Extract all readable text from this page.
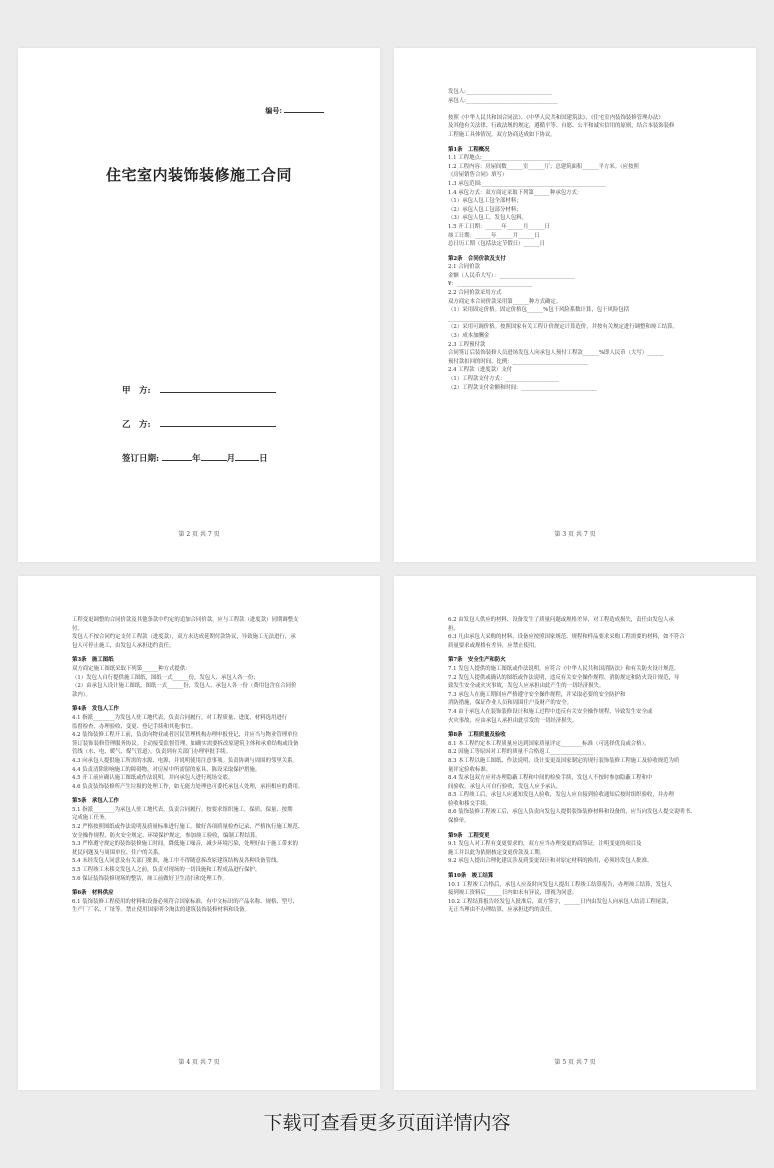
编号:
住宅室内装饰装修施工合同
甲　方:
乙　方:
签订日期:	年	月	日
第 2 页 共 7 页

发包人:________________________________

承包人:__________________________________

按照《中华人民共和国合同法》、《中华人民共和国建筑法》、《住宅室内装饰装修管理办法》

及其他有关法律、行政法规的规定，遵循平等、自愿、公平和诚实信用的原则，结合本装饰装修

工程施工具体情况，双方协商达成如下协议。

第1条　工程概况

1.1 工程地点:______________________________

1.2 工程内容：房屋间数______室______厅；总建筑面积______平方米。（应按照

《房屋销售合同》填写）

1.3 承包范围:______________________________________________

1.4 承包方式：双方商定采取下列第______种承包方式：

（1）承包人包工包全部材料；

（2）承包人包工包部分材料；

（3）承包人包工，发包人包料。

1.5 开工日期：______年______月______日

竣工日期：______年______月______日

总日历工期（包括法定节假日）______日

第2条　合同价款及支付

2.1 合同价款

金额（人民币大写）：____________________________

¥：____________________________

2.2 合同价款采用方式

双方商定本合同价款采用第______种方式确定。

（1）采用固定价格。固定价格包______%包干风险系数计算，包干风险包括

__________________________________________________

（2）采用可调价格。按照国家有关工程计价规定计算造价，并按有关规定进行调整和竣工结算。

（3）成本加酬金

2.3 工程预付款

合同签订后装饰装修人员进场发包人向承包人预付工程款______%即人民币（大写）______

预付款扣回的时间、比例：____________________________

2.4 工程款（进度款）支付

（1）工程款支付方式：____________________

（2）工程款支付金额和时间：____________________________

第 3 页 共 7 页

工程变更调整的合同价款及其他条款中约定的追加合同价款，应与工程款（进度款）同期调整支

付。

发包人不按合同约定支付工程款（进度款），双方未达成延期付款协议，导致施工无法进行，承

包人可停止施工，由发包人承担违约责任。

第3条　施工图纸

双方商定施工图纸采取下列第______种方式提供：

（1）发包人自行提供施工图纸，图纸一式______份，发包人、承包人各一份；

（2）由承包人设计施工图纸，图纸一式______份，发包人、承包人各一份（费用包含在合同价

款内）。

第4条　发包人工作

4.1 指派________为发包人驻工地代表，负责合同履行。对工程质量、进度、材料选用进行

监督检查，办理验收、变更、登记手续和其他事宜。

4.2 装饰装修工程开工前，负责向物业或者居民管理机构办理申报登记，并应当与物业管理单位

签订装饰装修管理服务协议。主动接受监督管理。如确实需要拆改原建筑主体和承重结构或设备

管线（水、电、暖气、煤气管道），负责到有关部门办理审批手续。

4.3 向承包人提供施工所需的水源、电源，并说明使用注意事项。负责协调与周围的邻里关系。

4.4 负责清除影响施工的障碍物，对房屋中所需留的家具、陈设采取保护措施。

4.5 开工前应确认施工图纸或作法说明，并向承包人进行现场交底。

4.6 负责装饰装修所产生垃圾的处理工作，如无能力处理也可委托承包人处理，承担相应的费用。

第5条　承包人工作

5.1 指派________为承包人驻工地代表，负责合同履行。按要求组织施工，保质、保量、按期

完成施工任务。

5.2 严格按照图纸或作法说明及质量标准进行施工，做好各项质量检查记录，严格执行施工规范、

安全操作规程、防火安全规定、环境保护规定，参加竣工验收，编制工程结算。

5.3 严格遵守规定的装饰装修施工时间，降低施工噪音，减少环境污染，处理好由于施工带来的

扰民问题及与周围单位、住户的关系。

5.4 未经发包人同意及有关部门批准，施工中不得随意拆改原建筑结构及各种设备管线。

5.5 工程竣工未移交发包人之前，负责对现场的一切设施和工程成品进行保护。

5.6 保证装饰装修现场的整洁，竣工前做好卫生清扫和处理工作。

第6条　材料供应

6.1 装饰装修工程使用的材料和设备必须符合国家标准，有中文标识的产品名称、规格、型号、

生产厂厂名、厂址等。禁止使用国家明令淘汰的建筑装饰装修材料和设备。

第 4 页 共 7 页

6.2 由发包人供应的材料、设备发生了质量问题或规格差异，对工程造成损失，责任由发包人承

担。

6.3 凡由承包人采购的材料、设备应按照国家规范、规程和样品要求采购工程需要的材料，如不符合

质量要求或规格有差异，应禁止使用。

第7条　安全生产和防火

7.1 发包人提供的施工图纸或作法说明，应符合《中华人民共和国消防法》和有关防火设计规范。

7.2 发包人提供或确认的图纸或作法说明，违反有关安全操作规程、消防规定和防火设计规范，导

致发生安全或火灾事故，发包人应承担由此产生的一切经济损失。

7.3 承包人在施工期间应严格遵守安全操作规程，并采取必要的安全防护和

消防措施，保证作业人员和周围住户及财产的安全。

7.4 由于承包人在装饰装修设计和施工过程中违反有关安全操作规程、导致发生安全或

火灾事故，应由承包人承担由此引发的一切经济损失。

第8条　工程质量及验收

8.1 本工程约定本工程质量应达到国家质量评定________标准（可选择优良或合格）。

8.2 因施工等原因对工程的质量不合格返工________________

8.3 本工程以施工图纸、作法说明、设计变更及国家制定的现行装饰装修工程施工及验收规范为质

量评定验收标准。

8.4 发承包双方应对办理隐蔽工程和中间的检验手续，发包人不按时参加隐蔽工程和中

间验收，承包人可自行验收，发包人应予承认。

8.5 工程竣工后，承包人应通知发包人验收，发包人应自接到验收通知后按时组织验收，并办理

验收和移交手续。

8.6 装饰装修工程竣工后，承包人负责向发包人提供装饰装修材料和设备的，应当向发包人提交说明书、

保修单。

第9条　工程变更

9.1 发包人对工程有变更要求的，双方应当办理变更的商签证，注明变更的项目及

施工并以此为依据核定变更价款及工期。

9.2 承包人提出合理化建议涉及到变更设计和对原定材料的换用，必须经发包人批准。

第10条　竣工结算

10.1 工程竣工合格后，承包人应及时向发包人提出工程竣工结算报告，办理竣工结算，发包人

接到竣工资料后______日内如未有异议，即视为同意。

10.2 工程结算报告经发包人批准后，双方签字，______日内由发包人向承包人结清工程尾款，

无正当理由不办理结算，应承担违约的责任。

第 5 页 共 7 页
下载可查看更多页面详情内容
